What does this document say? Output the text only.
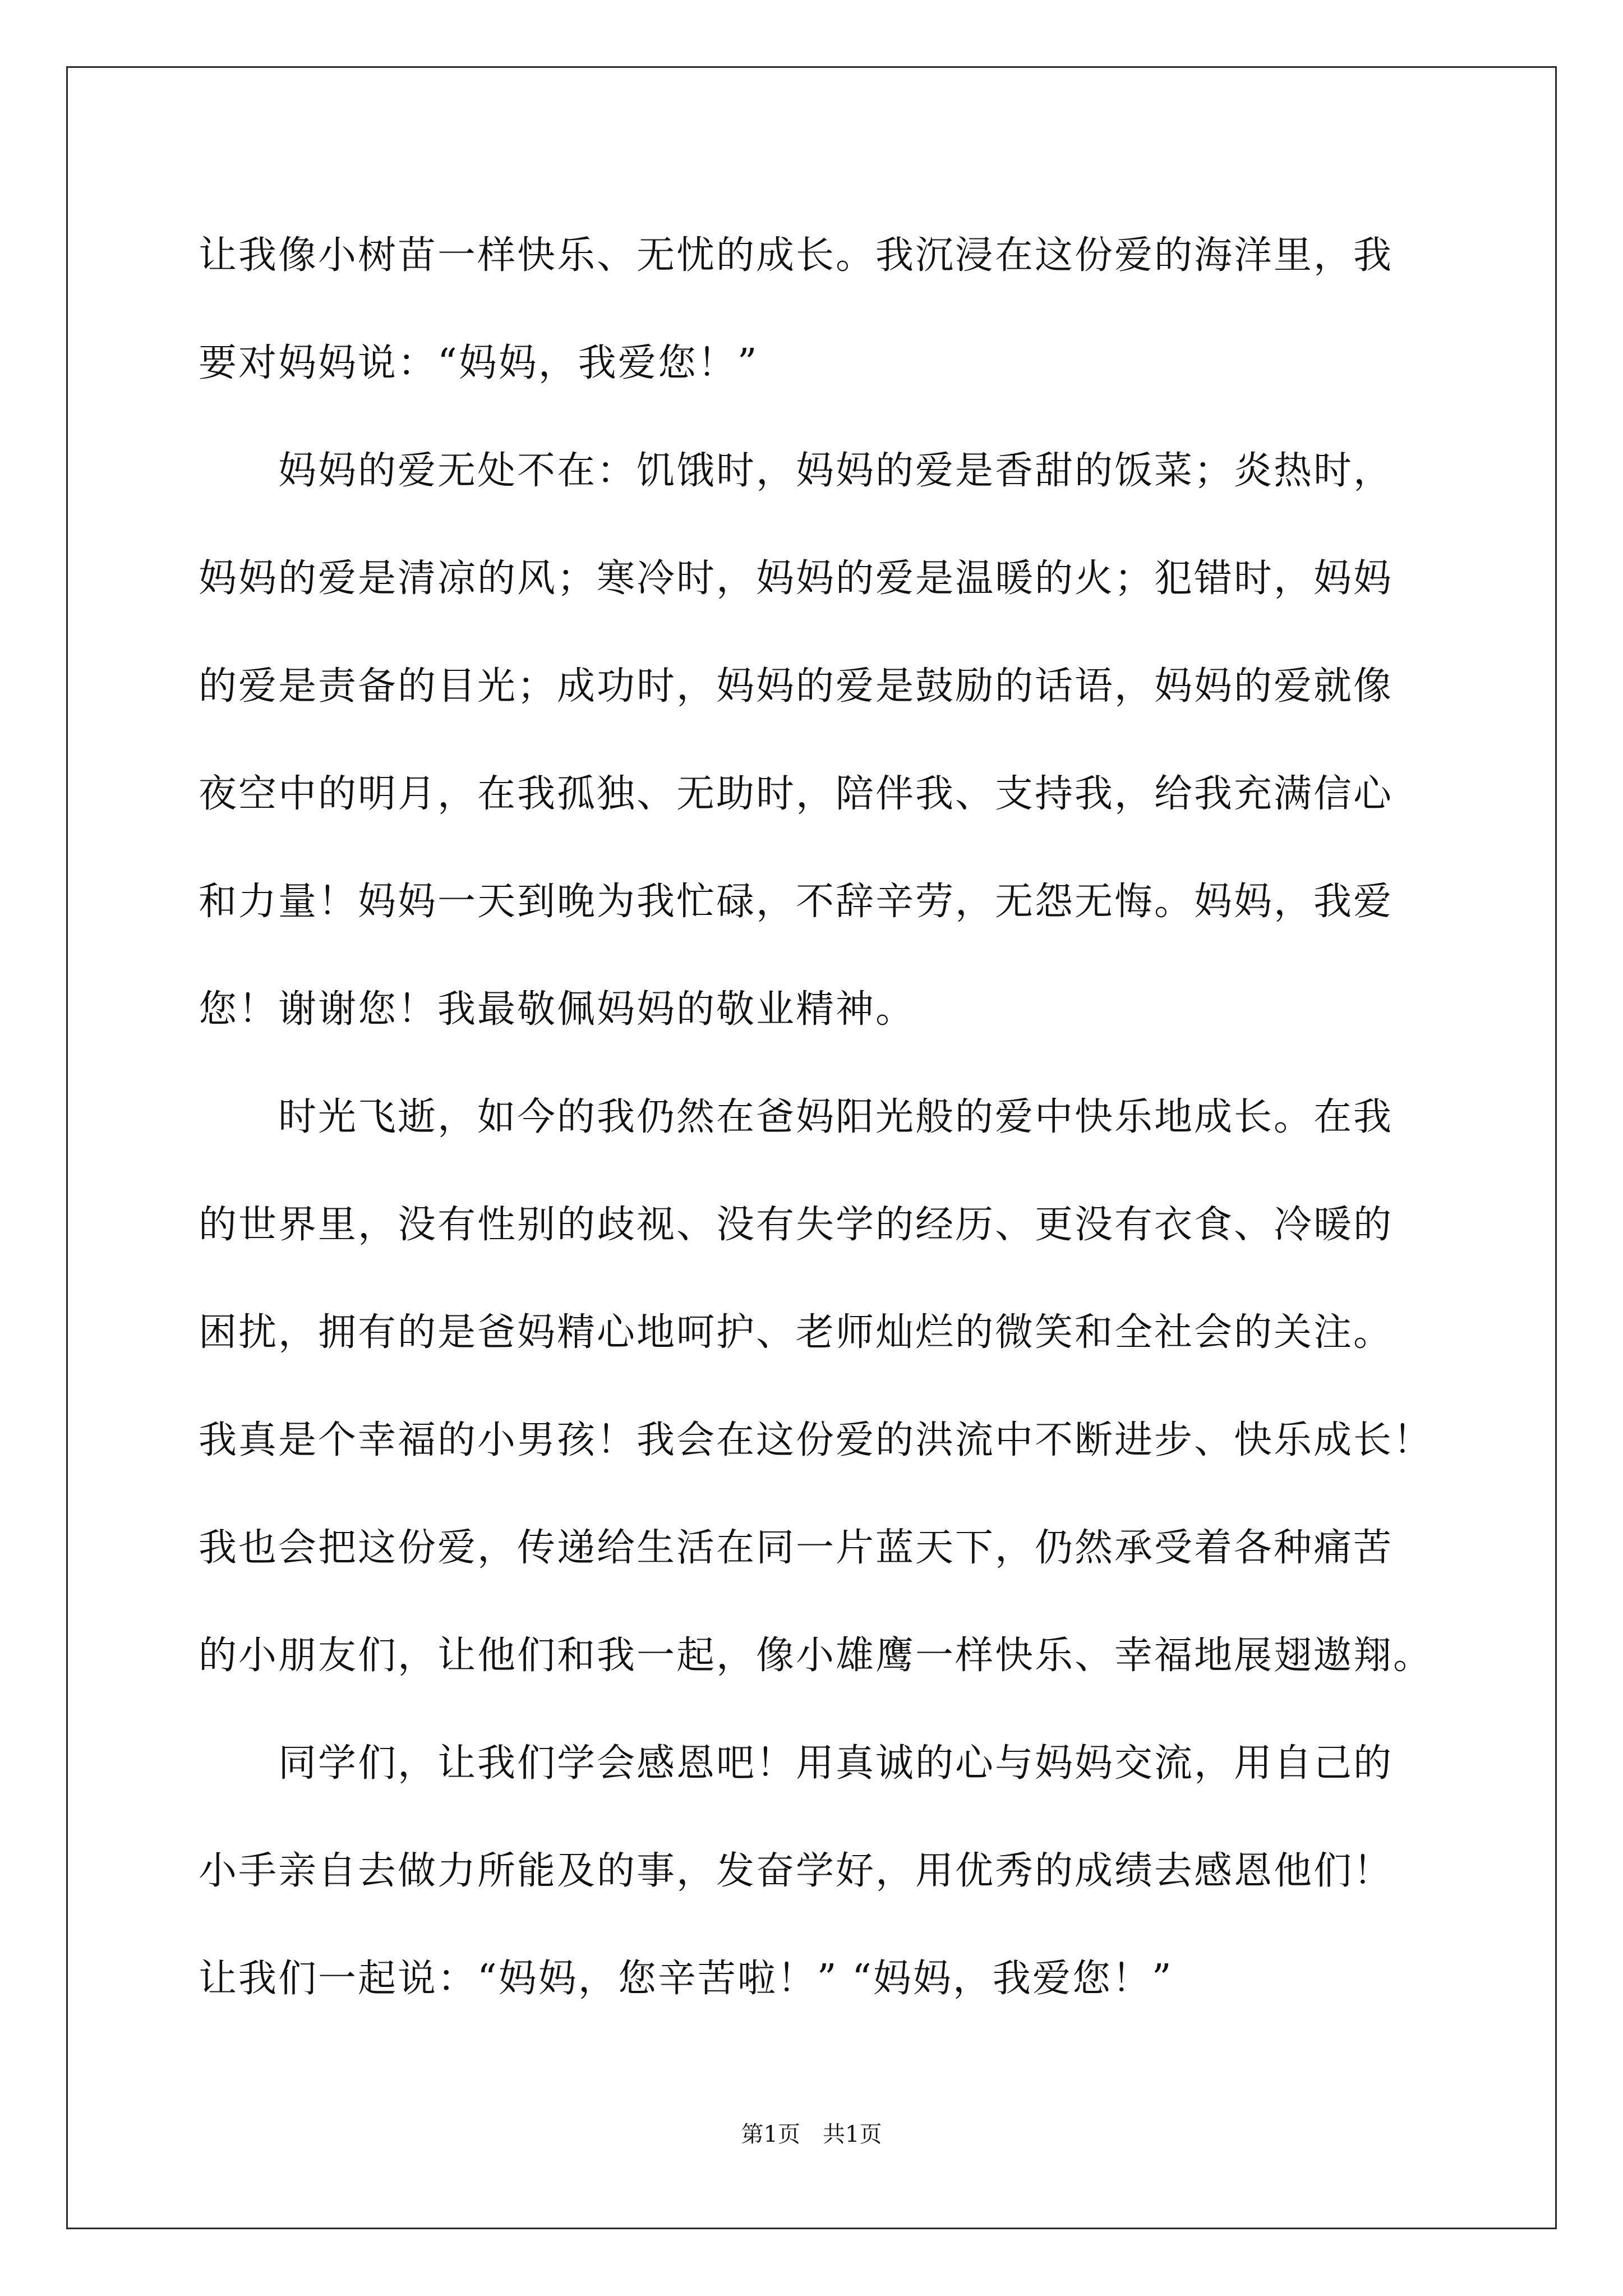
让我像小树苗一样快乐、无忧的成长。我沉浸在这份爱的海洋里，我
要对妈妈说：“妈妈，我爱您！”
　　妈妈的爱无处不在：饥饿时，妈妈的爱是香甜的饭菜；炎热时，
妈妈的爱是清凉的风；寒冷时，妈妈的爱是温暖的火；犯错时，妈妈
的爱是责备的目光；成功时，妈妈的爱是鼓励的话语，妈妈的爱就像
夜空中的明月，在我孤独、无助时，陪伴我、支持我，给我充满信心
和力量！妈妈一天到晚为我忙碌，不辞辛劳，无怨无悔。妈妈，我爱
您！谢谢您！我最敬佩妈妈的敬业精神。
　　时光飞逝，如今的我仍然在爸妈阳光般的爱中快乐地成长。在我
的世界里，没有性别的歧视、没有失学的经历、更没有衣食、冷暖的
困扰，拥有的是爸妈精心地呵护、老师灿烂的微笑和全社会的关注。
我真是个幸福的小男孩！我会在这份爱的洪流中不断进步、快乐成长！
我也会把这份爱，传递给生活在同一片蓝天下，仍然承受着各种痛苦
的小朋友们，让他们和我一起，像小雄鹰一样快乐、幸福地展翅遨翔。
　　同学们，让我们学会感恩吧！用真诚的心与妈妈交流，用自己的
小手亲自去做力所能及的事，发奋学好，用优秀的成绩去感恩他们！
让我们一起说：“妈妈，您辛苦啦！” “妈妈，我爱您！”
第1页 共1页
